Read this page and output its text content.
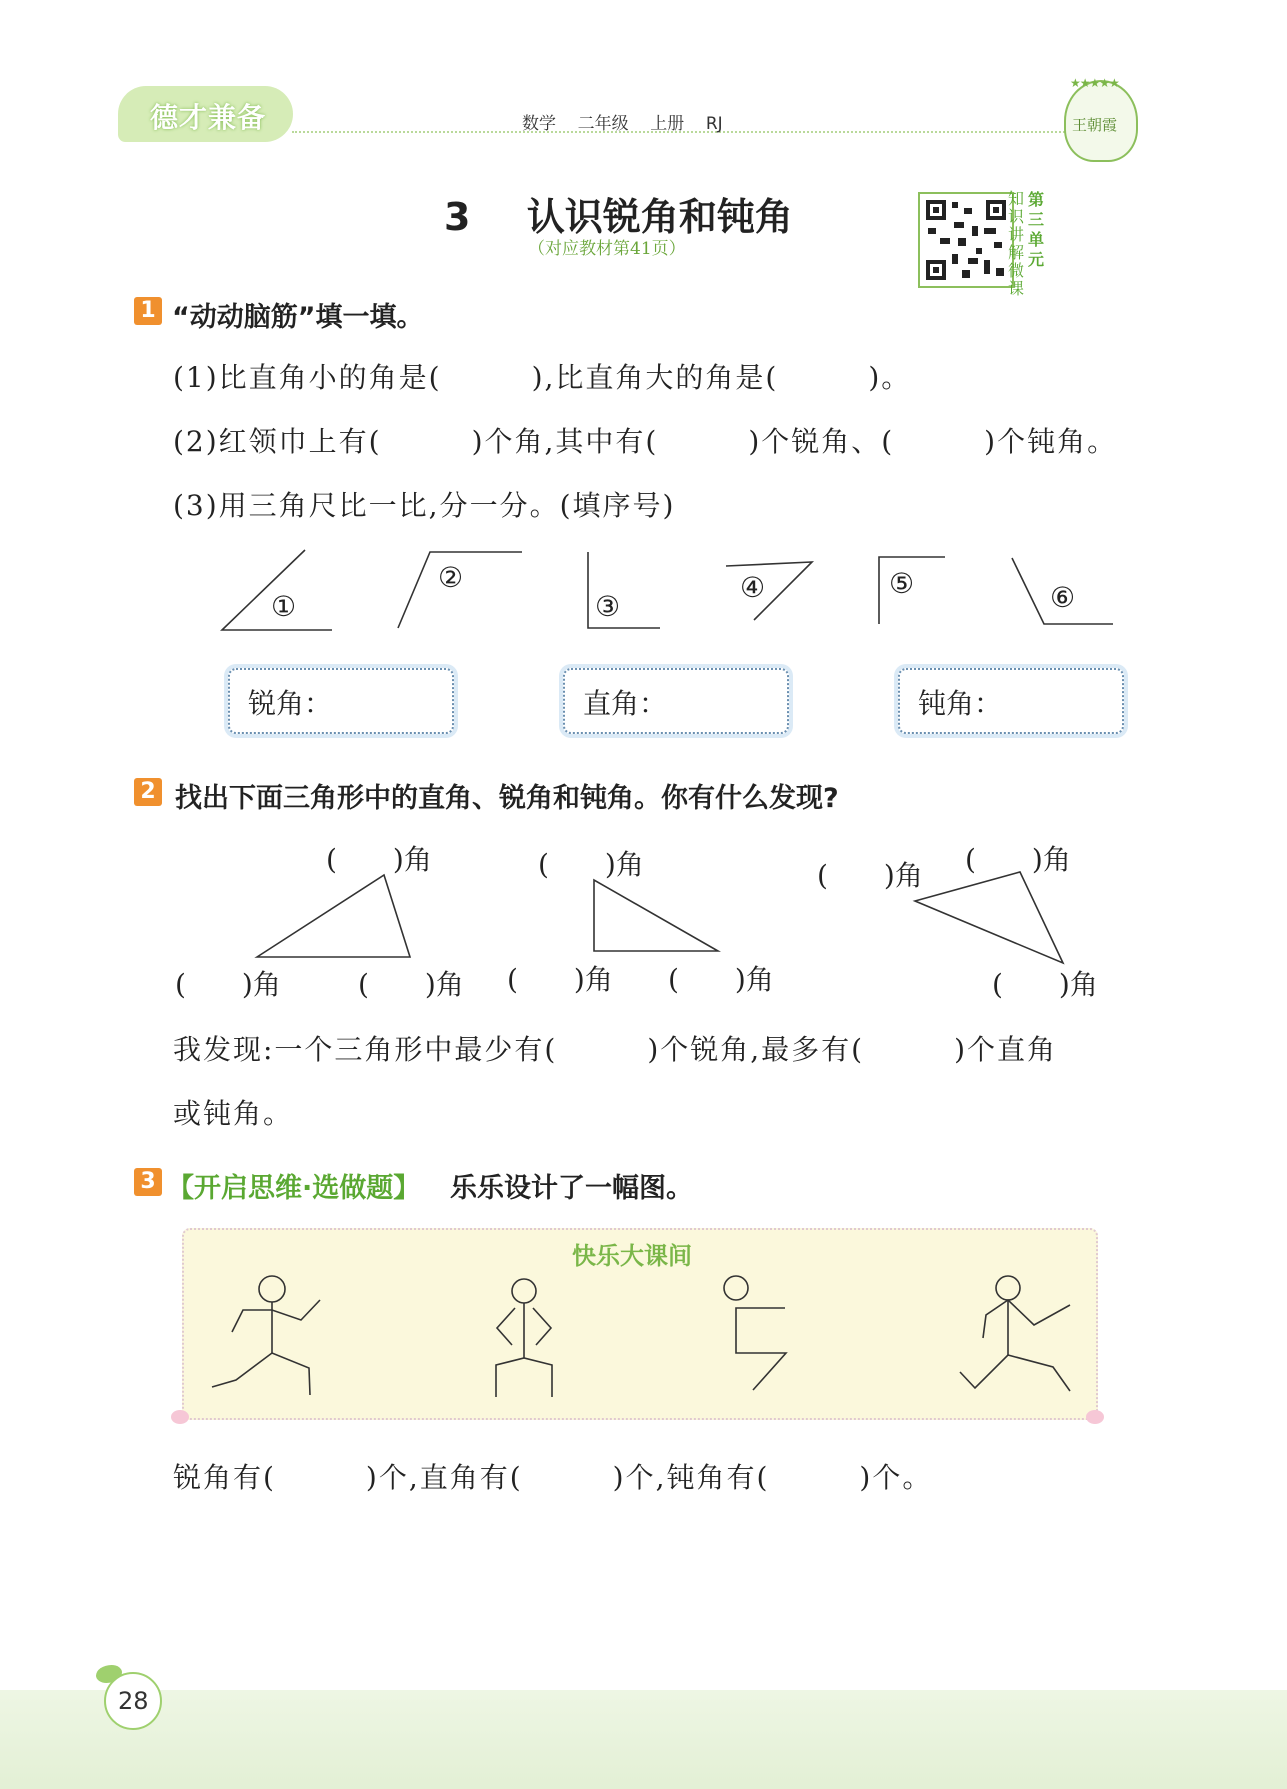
德才兼备	数学 二年级 上册 RJ
★★★★★
王朝霞
3 认识锐角和钝角
（对应教材第41页）
知识讲解微课
第三单元
1 “动动脑筋”填一填。
(1)比直角小的角是(　　　),比直角大的角是(　　　)。
(2)红领巾上有(　　　)个角,其中有(　　　)个锐角、(　　　)个钝角。
(3)用三角尺比一比,分一分。(填序号)
①
②
③
④	⑤	⑥
锐角：	直角：	钝角：
2 找出下面三角形中的直角、锐角和钝角。你有什么发现?
(　　)角
(　　)角	(　　)角
(　　)角
(　　)角 (　　)角
(　　)角 (　　)角
(　　)角
我发现:一个三角形中最少有(　　　)个锐角,最多有(　　　)个直角
或钝角。
3 【开启思维·选做题】 乐乐设计了一幅图。
快乐大课间
锐角有(　　　)个,直角有(　　　)个,钝角有(　　　)个。
28
